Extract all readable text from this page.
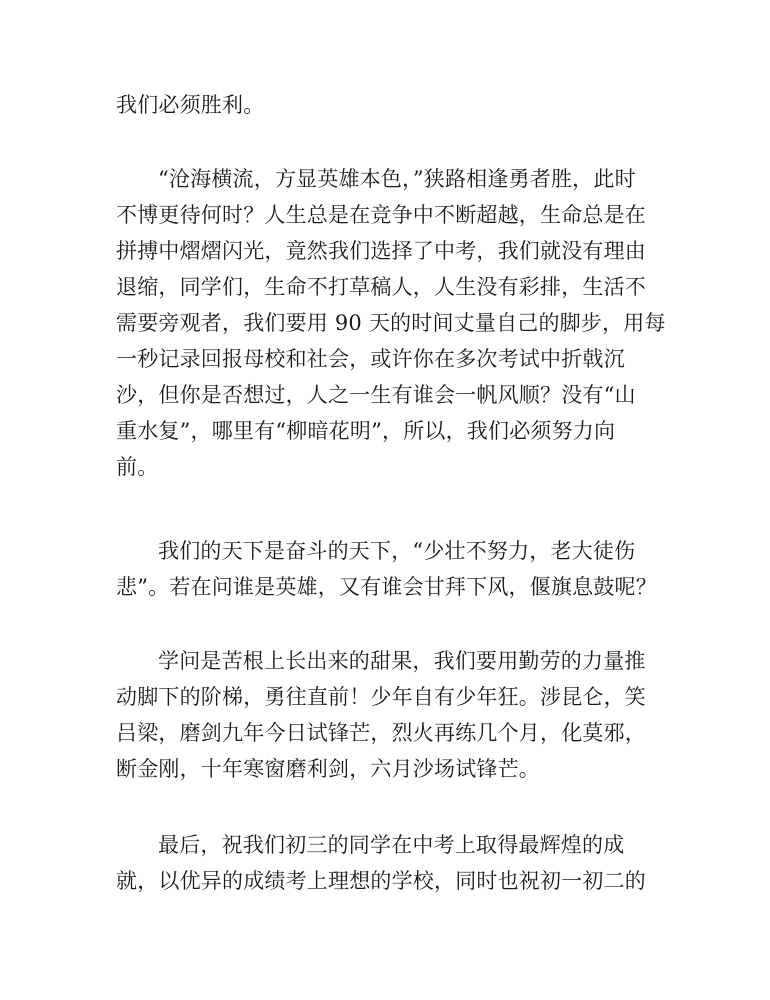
我们必须胜利。
“沧海横流，方显英雄本色，”狭路相逢勇者胜，此时
不博更待何时？人生总是在竞争中不断超越，生命总是在
拼搏中熠熠闪光，竟然我们选择了中考，我们就没有理由
退缩，同学们，生命不打草稿人，人生没有彩排，生活不
需要旁观者，我们要用 90 天的时间丈量自己的脚步，用每
一秒记录回报母校和社会，或许你在多次考试中折戟沉
沙，但你是否想过，人之一生有谁会一帆风顺？没有“山
重水复”，哪里有“柳暗花明”，所以，我们必须努力向
前。
我们的天下是奋斗的天下，“少壮不努力，老大徒伤
悲”。若在问谁是英雄，又有谁会甘拜下风，偃旗息鼓呢？
学问是苦根上长出来的甜果，我们要用勤劳的力量推
动脚下的阶梯，勇往直前！少年自有少年狂。涉昆仑，笑
吕梁，磨剑九年今日试锋芒，烈火再练几个月，化莫邪，
断金刚，十年寒窗磨利剑，六月沙场试锋芒。
最后，祝我们初三的同学在中考上取得最辉煌的成
就，以优异的成绩考上理想的学校，同时也祝初一初二的
